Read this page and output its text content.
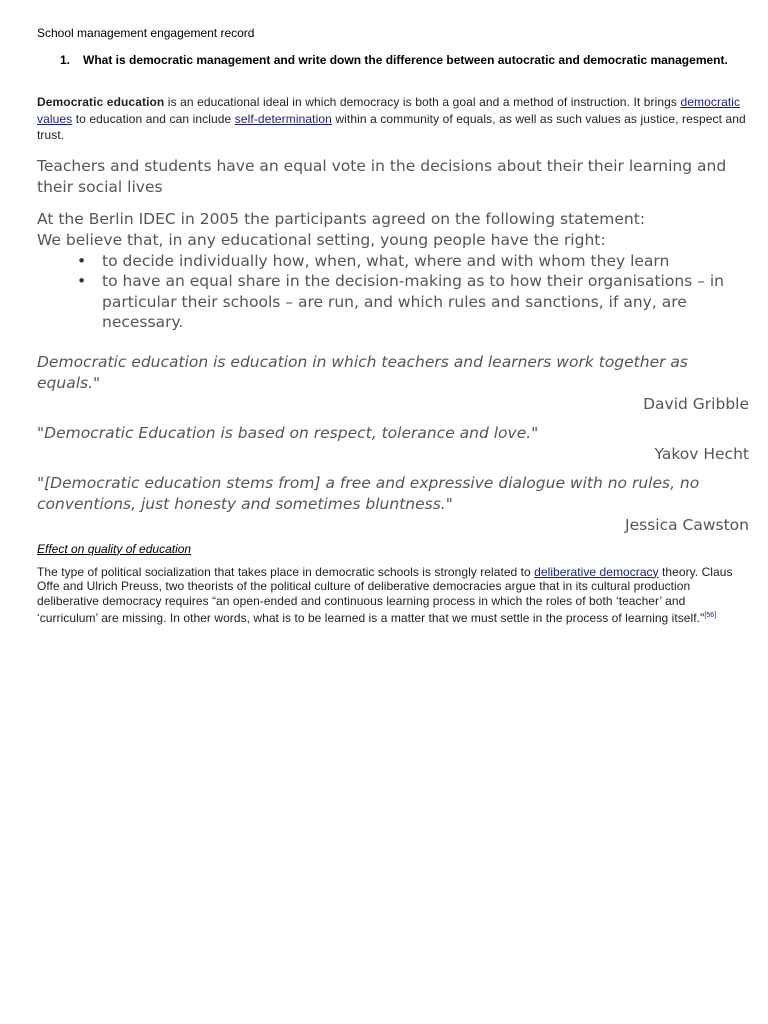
School management engagement record

1.	What is democratic management and write down the difference between autocratic and democratic management.

Democratic education is an educational ideal in which democracy is both a goal and a method of instruction. It brings democratic values to education and can include self-determination within a community of equals, as well as such values as justice, respect and trust.

Teachers and students have an equal vote in the decisions about their their learning and their social lives

At the Berlin IDEC in 2005 the participants agreed on the following statement:

We believe that, in any educational setting, young people have the right:

• to decide individually how, when, what, where and with whom they learn
• to have an equal share in the decision-making as to how their organisations – in particular their schools – are run, and which rules and sanctions, if any, are necessary.

Democratic education is education in which teachers and learners work together as equals."

David Gribble

"Democratic Education is based on respect, tolerance and love."

Yakov Hecht

"[Democratic education stems from] a free and expressive dialogue with no rules, no conventions, just honesty and sometimes bluntness."

Jessica Cawston

Effect on quality of education

The type of political socialization that takes place in democratic schools is strongly related to deliberative democracy theory. Claus Offe and Ulrich Preuss, two theorists of the political culture of deliberative democracies argue that in its cultural production deliberative democracy requires “an open-ended and continuous learning process in which the roles of both ‘teacher’ and ‘curriculum’ are missing. In other words, what is to be learned is a matter that we must settle in the process of learning itself."[56]
